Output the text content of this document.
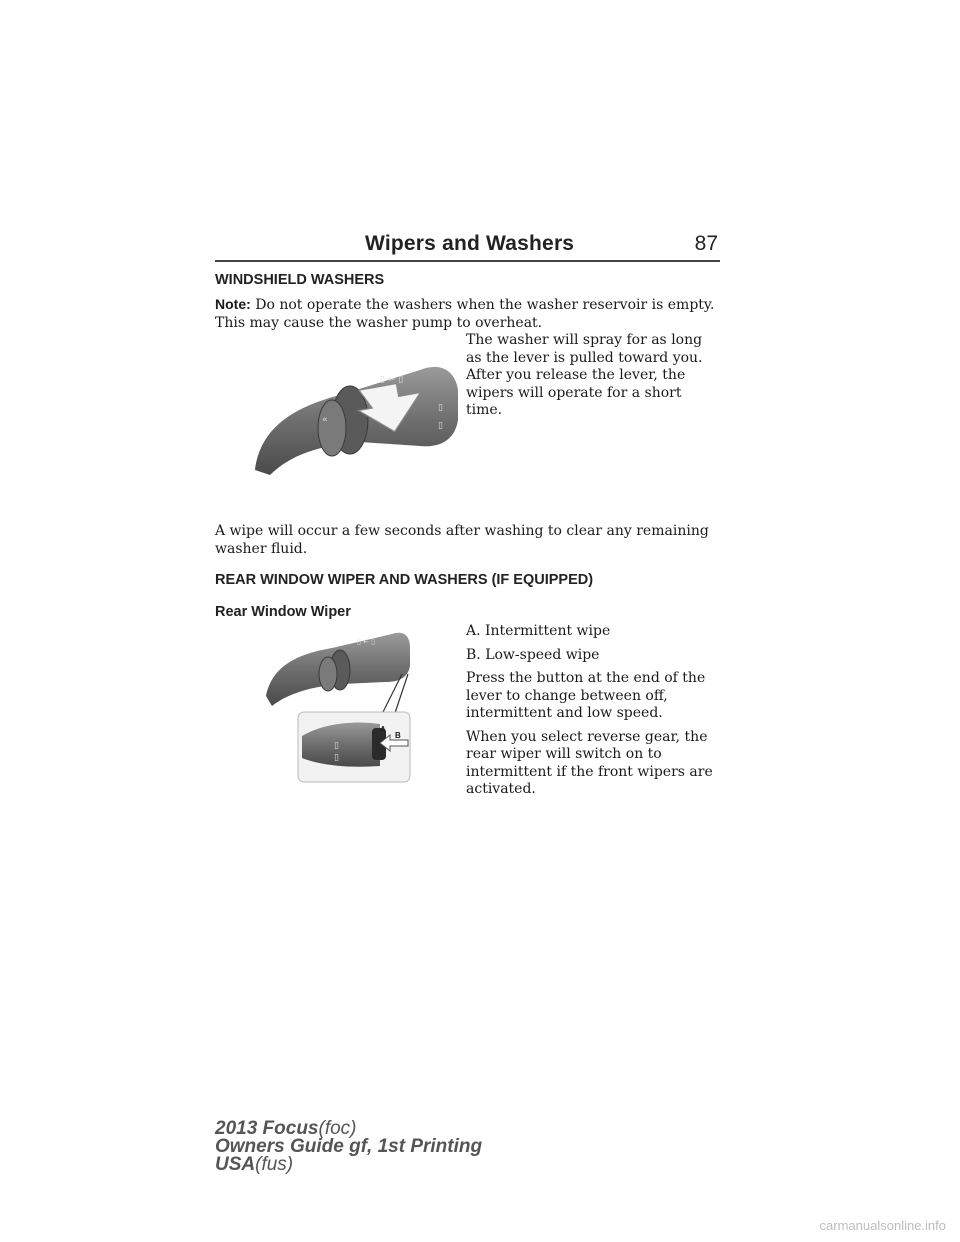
Wipers and Washers	87
WINDSHIELD WASHERS
Note: Do not operate the washers when the washer reservoir is empty.
This may cause the washer pump to overheat.
The washer will spray for as long
as the lever is pulled toward you.
After you release the lever, the
wipers will operate for a short
time.
▯ ← ▯
▯
▯
«
A wipe will occur a few seconds after washing to clear any remaining
washer fluid.
REAR WINDOW WIPER AND WASHERS (IF EQUIPPED)
Rear Window Wiper
A. Intermittent wipe
B. Low-speed wipe
Press the button at the end of the
lever to change between off,
intermittent and low speed.
When you select reverse gear, the
rear wiper will switch on to
intermittent if the front wipers are
activated.
▯ ← ▯
▯
▯
A
B
2013 Focus(foc)
Owners Guide gf, 1st Printing
USA(fus)
carmanualsonline.info
